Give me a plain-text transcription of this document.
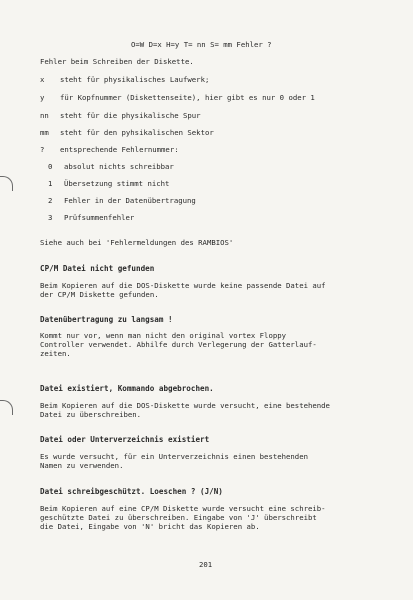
O=W D=x H=y T= nn S= mm Fehler ?
Fehler beim Schreiben der Diskette.
x steht für physikalisches Laufwerk;
y für Kopfnummer (Diskettenseite), hier gibt es nur 0 oder 1
nn steht für die physikalische Spur
mm steht für den pyhsikalischen Sektor
? entsprechende Fehlernummer:
0 absolut nichts schreibbar
1 Übersetzung stimmt nicht
2 Fehler in der Datenübertragung
3 Prüfsummenfehler
Siehe auch bei 'Fehlermeldungen des RAMBIOS'
CP/M Datei nicht gefunden
Beim Kopieren auf die DOS-Diskette wurde keine passende Datei auf
der CP/M Diskette gefunden.
Datenübertragung zu langsam !
Kommt nur vor, wenn man nicht den original vortex Floppy
Controller verwendet. Abhilfe durch Verlegerung der Gatterlauf-
zeiten.
Datei existiert, Kommando abgebrochen.
Beim Kopieren auf die DOS-Diskette wurde versucht, eine bestehende
Datei zu überschreiben.
Datei oder Unterverzeichnis existiert
Es wurde versucht, für ein Unterverzeichnis einen bestehenden
Namen zu verwenden.
Datei schreibgeschützt. Loeschen ? (J/N)
Beim Kopieren auf eine CP/M Diskette wurde versucht eine schreib-
geschützte Datei zu überschreiben. Eingabe von 'J' überschreibt
die Datei, Eingabe von 'N' bricht das Kopieren ab.
201
